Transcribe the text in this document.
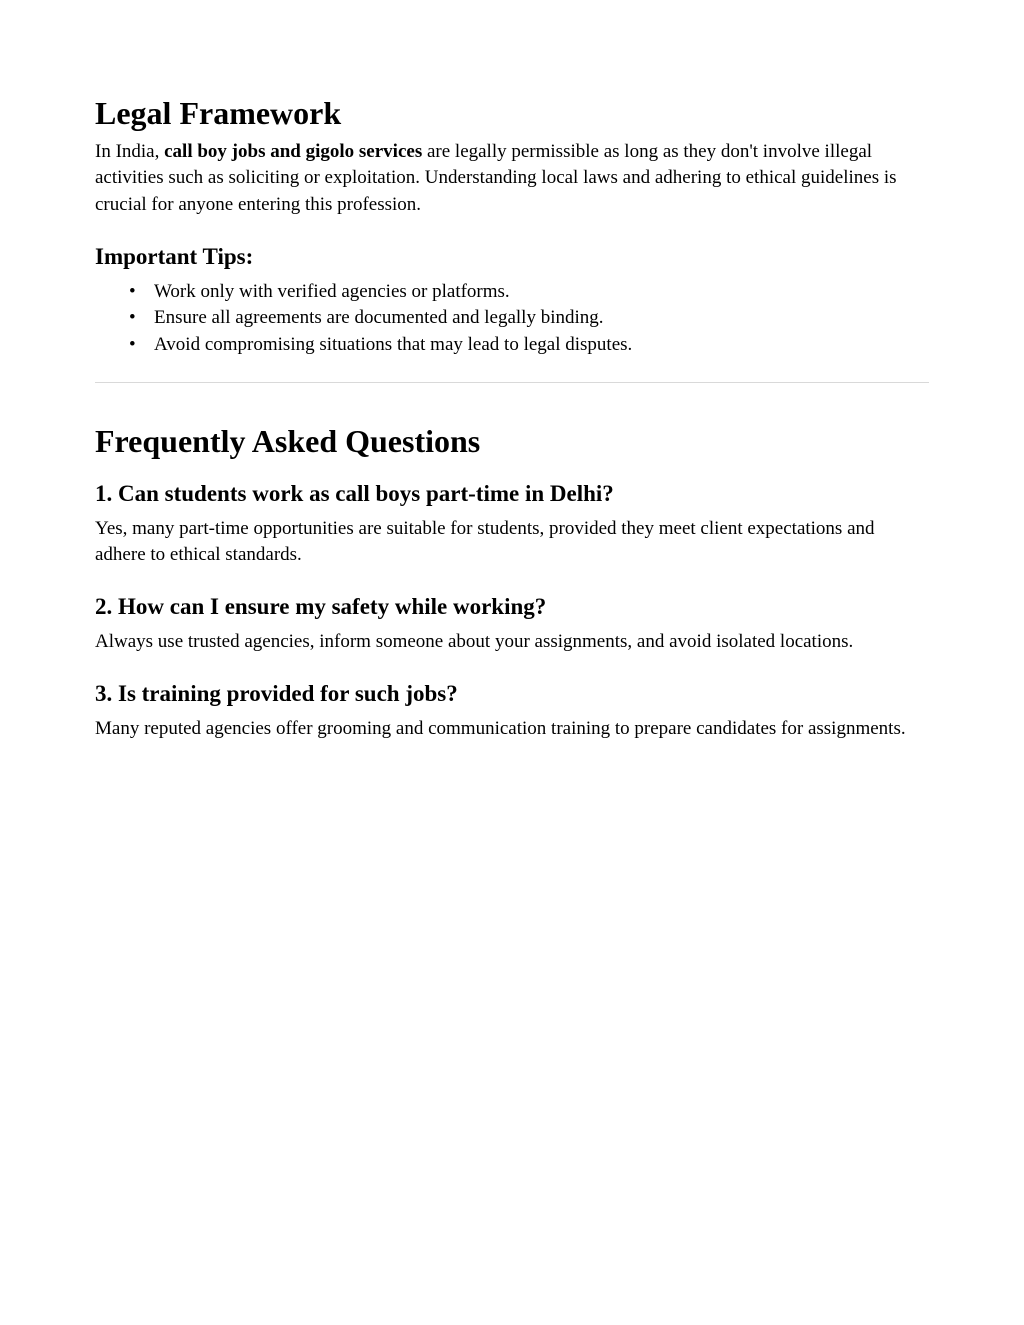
Legal Framework

In India, call boy jobs and gigolo services are legally permissible as long as they don't involve illegal activities such as soliciting or exploitation. Understanding local laws and adhering to ethical guidelines is crucial for anyone entering this profession.

Important Tips:
• Work only with verified agencies or platforms.
• Ensure all agreements are documented and legally binding.
• Avoid compromising situations that may lead to legal disputes.
Frequently Asked Questions
1. Can students work as call boys part-time in Delhi?

Yes, many part-time opportunities are suitable for students, provided they meet client expectations and adhere to ethical standards.

2. How can I ensure my safety while working?

Always use trusted agencies, inform someone about your assignments, and avoid isolated locations.

3. Is training provided for such jobs?

Many reputed agencies offer grooming and communication training to prepare candidates for assignments.
